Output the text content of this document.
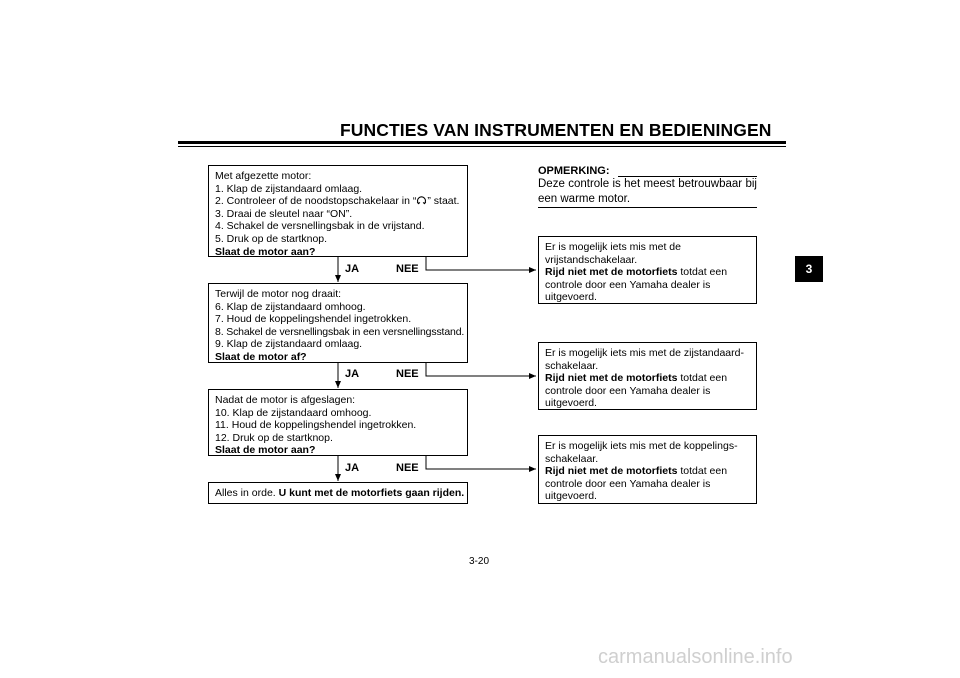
FUNCTIES VAN INSTRUMENTEN EN BEDIENINGEN
3
Met afgezette motor:
1. Klap de zijstandaard omlaag.
2. Controleer of de noodstopschakelaar in “ ” staat.
3. Draai de sleutel naar “ON”.
4. Schakel de versnellingsbak in de vrijstand.
5. Druk op de startknop.
Slaat de motor aan?
JA	NEE
Terwijl de motor nog draait:
6. Klap de zijstandaard omhoog.
7. Houd de koppelingshendel ingetrokken.
8. Schakel de versnellingsbak in een versnellingsstand.
9. Klap de zijstandaard omlaag.
Slaat de motor af?
JA	NEE
Nadat de motor is afgeslagen:
10. Klap de zijstandaard omhoog.
11. Houd de koppelingshendel ingetrokken.
12. Druk op de startknop.
Slaat de motor aan?
JA	NEE
Alles in orde. U kunt met de motorfiets gaan rijden.
OPMERKING:
Deze controle is het meest betrouwbaar bij een warme motor.
Er is mogelijk iets mis met de
vrijstandschakelaar.
Rijd niet met de motorfiets totdat een
controle door een Yamaha dealer is
uitgevoerd.
Er is mogelijk iets mis met de zijstandaard-
schakelaar.
Rijd niet met de motorfiets totdat een
controle door een Yamaha dealer is
uitgevoerd.
Er is mogelijk iets mis met de koppelings-
schakelaar.
Rijd niet met de motorfiets totdat een
controle door een Yamaha dealer is
uitgevoerd.
3-20
carmanualsonline.info
